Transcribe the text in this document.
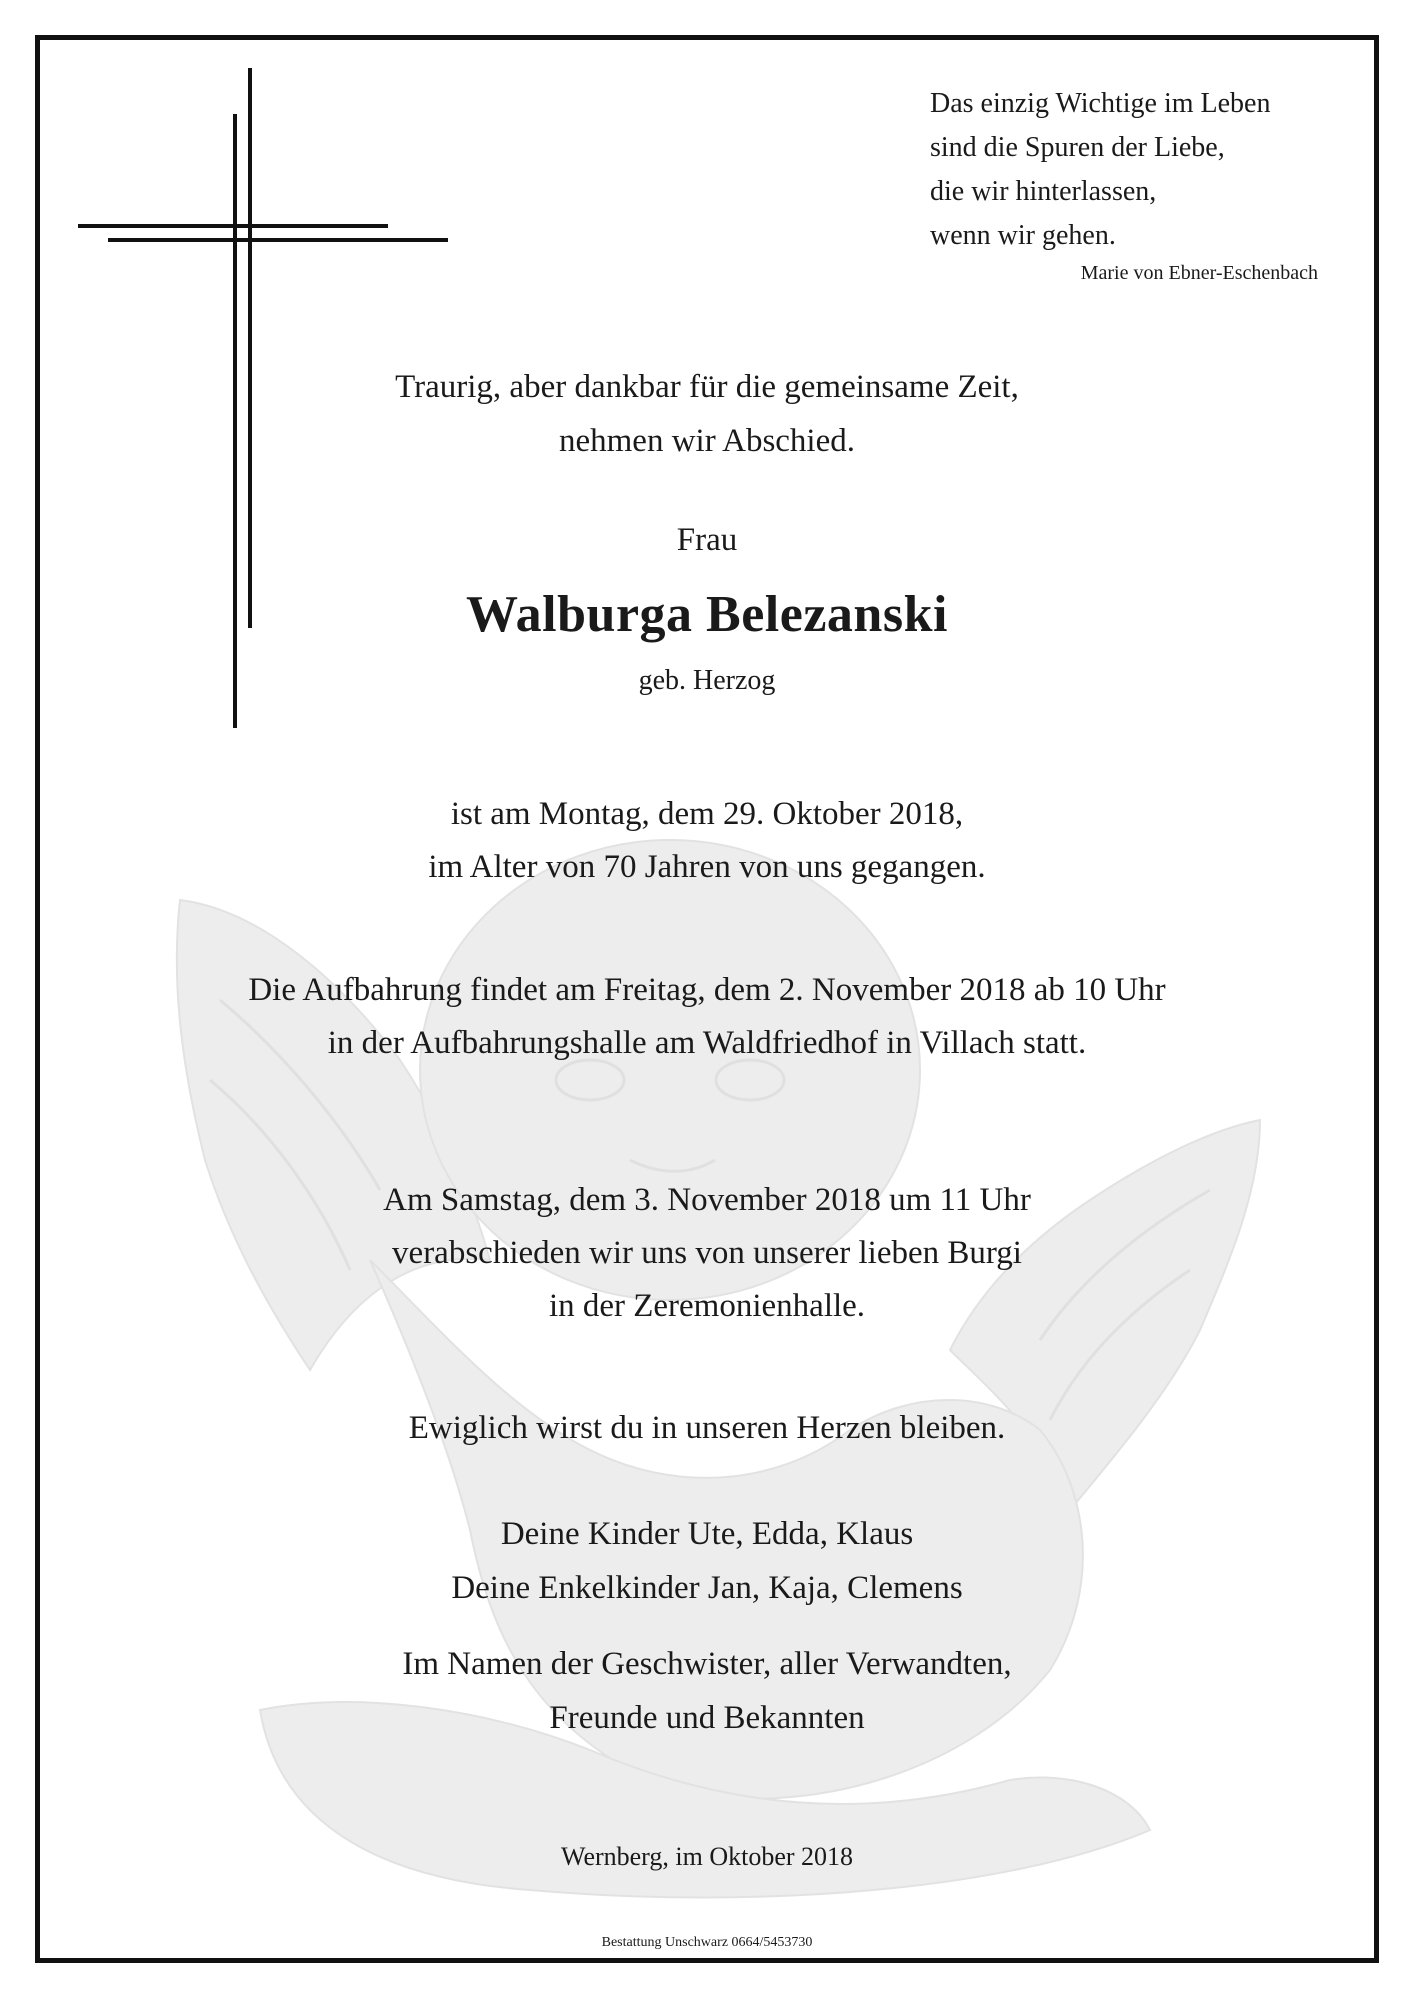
Das einzig Wichtige im Leben
sind die Spuren der Liebe,
die wir hinterlassen,
wenn wir gehen.
Marie von Ebner-Eschenbach
Traurig, aber dankbar für die gemeinsame Zeit,
nehmen wir Abschied.
Frau
Walburga Belezanski
geb. Herzog
ist am Montag, dem 29. Oktober 2018,
im Alter von 70 Jahren von uns gegangen.
Die Aufbahrung findet am Freitag, dem 2. November 2018 ab 10 Uhr
in der Aufbahrungshalle am Waldfriedhof in Villach statt.
Am Samstag, dem 3. November 2018 um 11 Uhr
verabschieden wir uns von unserer lieben Burgi
in der Zeremonienhalle.
Ewiglich wirst du in unseren Herzen bleiben.
Deine Kinder Ute, Edda, Klaus
Deine Enkelkinder Jan, Kaja, Clemens
Im Namen der Geschwister, aller Verwandten,
Freunde und Bekannten
Wernberg, im Oktober 2018
Bestattung Unschwarz 0664/5453730
